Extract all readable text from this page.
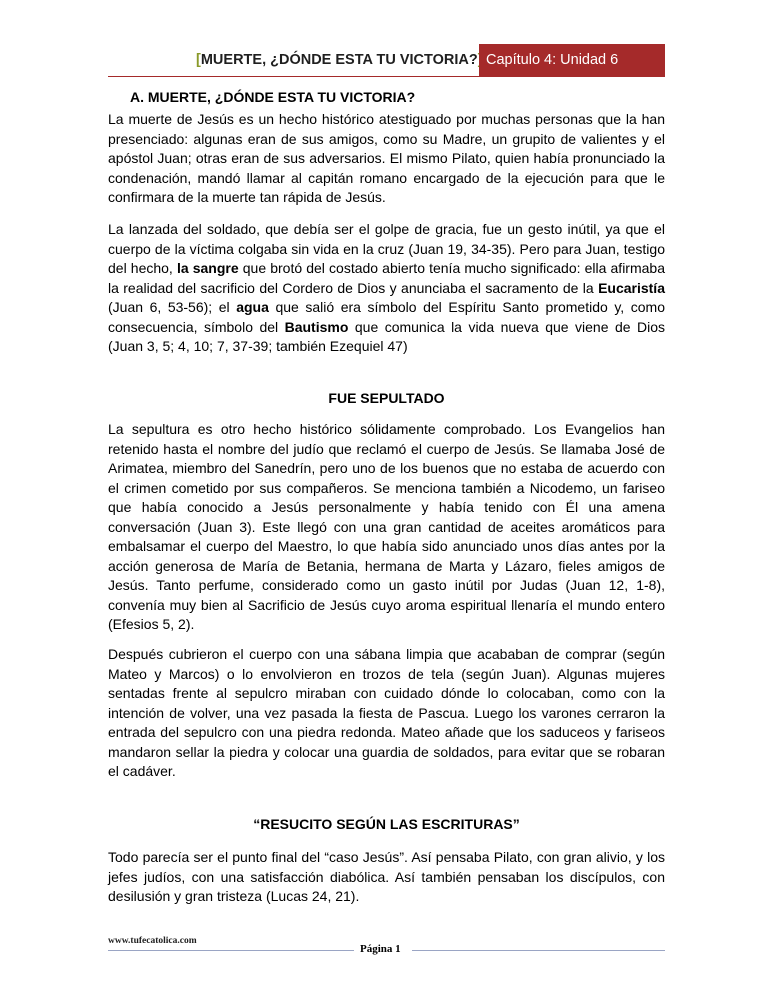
[MUERTE, ¿DÓNDE ESTA TU VICTORIA? Capítulo 4: Unidad 6
A. MUERTE, ¿DÓNDE ESTA TU VICTORIA?

La muerte de Jesús es un hecho histórico atestiguado por muchas personas que la han presenciado: algunas eran de sus amigos, como su Madre, un grupito de valientes y el apóstol Juan; otras eran de sus adversarios. El mismo Pilato, quien había pronunciado la condenación, mandó llamar al capitán romano encargado de la ejecución para que le confirmara de la muerte tan rápida de Jesús.

La lanzada del soldado, que debía ser el golpe de gracia, fue un gesto inútil, ya que el cuerpo de la víctima colgaba sin vida en la cruz (Juan 19, 34-35). Pero para Juan, testigo del hecho, la sangre que brotó del costado abierto tenía mucho significado: ella afirmaba la realidad del sacrificio del Cordero de Dios y anunciaba el sacramento de la Eucaristía (Juan 6, 53-56); el agua que salió era símbolo del Espíritu Santo prometido y, como consecuencia, símbolo del Bautismo que comunica la vida nueva que viene de Dios (Juan 3, 5; 4, 10; 7, 37-39; también Ezequiel 47)

FUE SEPULTADO

La sepultura es otro hecho histórico sólidamente comprobado. Los Evangelios han retenido hasta el nombre del judío que reclamó el cuerpo de Jesús. Se llamaba José de Arimatea, miembro del Sanedrín, pero uno de los buenos que no estaba de acuerdo con el crimen cometido por sus compañeros. Se menciona también a Nicodemo, un fariseo que había conocido a Jesús personalmente y había tenido con Él una amena conversación (Juan 3). Este llegó con una gran cantidad de aceites aromáticos para embalsamar el cuerpo del Maestro, lo que había sido anunciado unos días antes por la acción generosa de María de Betania, hermana de Marta y Lázaro, fieles amigos de Jesús. Tanto perfume, considerado como un gasto inútil por Judas (Juan 12, 1-8), convenía muy bien al Sacrificio de Jesús cuyo aroma espiritual llenaría el mundo entero (Efesios 5, 2).

Después cubrieron el cuerpo con una sábana limpia que acababan de comprar (según Mateo y Marcos) o lo envolvieron en trozos de tela (según Juan). Algunas mujeres sentadas frente al sepulcro miraban con cuidado dónde lo colocaban, como con la intención de volver, una vez pasada la fiesta de Pascua. Luego los varones cerraron la entrada del sepulcro con una piedra redonda. Mateo añade que los saduceos y fariseos mandaron sellar la piedra y colocar una guardia de soldados, para evitar que se robaran el cadáver.

“RESUCITO SEGÚN LAS ESCRITURAS”

Todo parecía ser el punto final del “caso Jesús”. Así pensaba Pilato, con gran alivio, y los jefes judíos, con una satisfacción diabólica. Así también pensaban los discípulos, con desilusión y gran tristeza (Lucas 24, 21).

www.tufecatolica.com
Página 1
